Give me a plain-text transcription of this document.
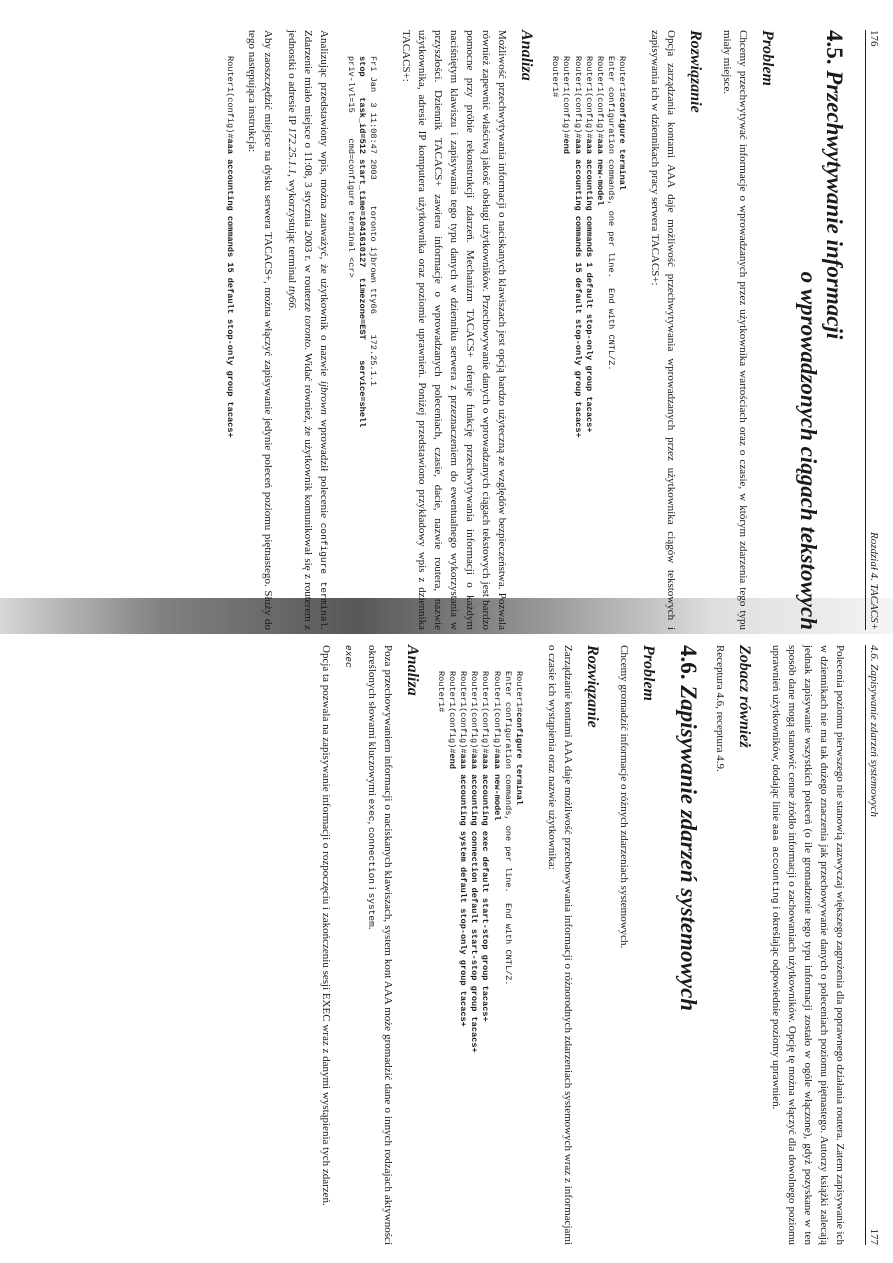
176
Rozdział 4. TACACS+
4.5. Przechwytywanie informacji
o wprowadzonych ciągach tekstowych
Problem

Chcemy przechwytywać informacje o wprowadzanych przez użytkownika wartościach oraz o czasie, w którym zdarzenia tego typu miały miejsce.

Rozwiązanie

Opcja zarządzania kontami AAA daje możliwość przechwytywania wprowadzanych przez użytkownika ciągów tekstowych i zapisywania ich w dziennikach pracy serwera TACACS+:

Router1#configure terminal
Enter configuration commands, one per line.  End with CNTL/Z.
Router1(config)#aaa new-model
Router1(config)#aaa accounting commands 1 default stop-only group tacacs+
Router1(config)#aaa accounting commands 15 default stop-only group tacacs+
Router1(config)#end
Router1#
Analiza

Możliwość przechwytywania informacji o naciskanych klawiszach jest opcją bardzo użyteczną ze względów bezpieczeństwa. Pozwala również zapewnić właściwą jakość obsługi użytkowników. Przechowywanie danych o wprowadzanych ciągach tekstowych jest bardzo pomocne przy próbie rekonstrukcji zdarzeń. Mechanizm TACACS+ oferuje funkcję przechwytywania informacji o każdym naciśniętym klawiszu i zapisywania tego typu danych w dzienniku serwera z przeznaczeniem do ewentualnego wykorzystania w przyszłości. Dziennik TACACS+ zawiera informacje o wprowadzanych poleceniach, czasie, dacie, nazwie routera, nazwie użytkownika, adresie IP komputera użytkownika oraz poziomie uprawnień. Poniżej przedstawiono przykładowy wpis z dziennika TACACS+:

Fri Jan  3 11:08:47 2003     toronto ijbrown tty66    172.25.1.1
stop    task_id=512 start_time=1041610127  timezone=EST    service=shell
priv-lvl=15     cmd=configure terminal <cr>

Analizując przedstawiony wpis, można zauważyć, że użytkownik o nazwie ijbrown wprowadził polecenie configure terminal. Zdarzenie miało miejsce o 11:08, 3 stycznia 2003 r. w routerze toronto. Widać również, że użytkownik komunikował się z routerem z jednostki o adresie IP 172.25.1.1, wykorzystując terminal tty66.

Aby zaoszczędzić miejsce na dysku serwera TACACS+, można włączyć zapisywanie jedynie poleceń poziomu piętnastego. Służy do tego następująca instrukcja:

Router1(config)#aaa accounting commands 15 default stop-only group tacacs+
4.6. Zapisywanie zdarzeń systemowych
177

Polecenia poziomu pierwszego nie stanowią zazwyczaj większego zagrożenia dla poprawnego działania routera. Zatem zapisywanie ich w dziennikach nie ma tak dużego znaczenia jak przechowywanie danych o poleceniach poziomu piętnastego. Autorzy książki zalecają jednak zapisywanie wszystkich poleceń (o ile gromadzenie tego typu informacji zostało w ogóle włączone), gdyż pozyskane w ten sposób dane mogą stanowić cenne źródło informacji o zachowaniach użytkowników. Opcję tę można włączyć dla dowolnego poziomu uprawnień użytkowników, dodając linie aaa accounting i określając odpowiednie poziomy uprawnień.

Zobacz również

Receptura 4.6, receptura 4.9.

4.6. Zapisywanie zdarzeń systemowych
Problem

Chcemy gromadzić informacje o różnych zdarzeniach systemowych.

Rozwiązanie

Zarządzanie kontami AAA daje możliwość przechowywania informacji o różnorodnych zdarzeniach systemowych wraz z informacjami o czasie ich wystąpienia oraz nazwie użytkownika:

Router1#configure terminal
Enter configuration commands, one per line.  End with CNTL/Z.
Router1(config)#aaa new-model
Router1(config)#aaa accounting exec default start-stop group tacacs+
Router1(config)#aaa accounting connection default start-stop group tacacs+
Router1(config)#aaa accounting system default stop-only group tacacs+
Router1(config)#end
Router1#
Analiza

Poza przechowywaniem informacji o naciskanych klawiszach, system kont AAA może gromadzić dane o innych rodzajach aktywności określonych słowami kluczowymi exec, connection i system.

exec

Opcja ta pozwala na zapisywanie informacji o rozpoczęciu i zakończeniu sesji EXEC wraz z danymi wystąpienia tych zdarzeń.
